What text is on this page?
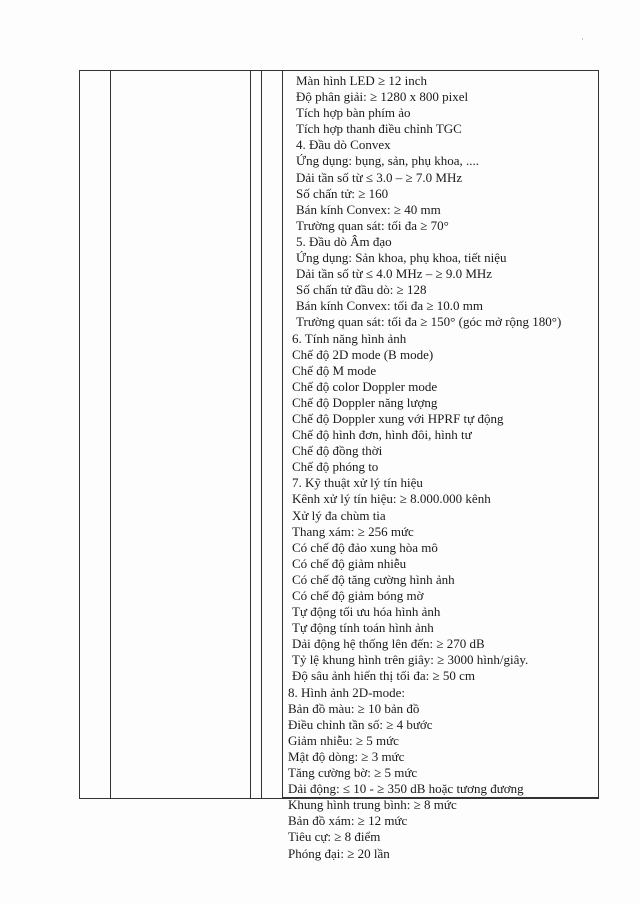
·
Màn hình LED ≥ 12 inch
Độ phân giải: ≥ 1280 x 800 pixel
Tích hợp bàn phím ảo
Tích hợp thanh điều chỉnh TGC
4. Đầu dò Convex
Ứng dụng: bụng, sản, phụ khoa, ....
Dải tần số từ ≤ 3.0 – ≥ 7.0 MHz
Số chấn tử: ≥ 160
Bán kính Convex: ≥ 40 mm
Trường quan sát: tối đa ≥ 70°
5. Đầu dò Âm đạo
Ứng dụng: Sản khoa, phụ khoa, tiết niệu
Dải tần số từ ≤ 4.0 MHz – ≥ 9.0 MHz
Số chấn tử đầu dò: ≥ 128
Bán kính Convex: tối đa ≥ 10.0 mm
Trường quan sát: tối đa ≥ 150° (góc mở rộng 180°)
6. Tính năng hình ảnh
Chế độ 2D mode (B mode)
Chế độ M mode
Chế độ color Doppler mode
Chế độ Doppler năng lượng
Chế độ Doppler xung với HPRF tự động
Chế độ hình đơn, hình đôi, hình tư
Chế độ đồng thời
Chế độ phóng to
7. Kỹ thuật xử lý tín hiệu
Kênh xử lý tín hiệu: ≥ 8.000.000 kênh
Xử lý đa chùm tia
Thang xám: ≥ 256 mức
Có chế độ đảo xung hòa mô
Có chế độ giảm nhiễu
Có chế độ tăng cường hình ảnh
Có chế độ giảm bóng mờ
Tự động tối ưu hóa hình ảnh
Tự động tính toán hình ảnh
Dải động hệ thống lên đến: ≥ 270 dB
Tỷ lệ khung hình trên giây: ≥ 3000 hình/giây.
Độ sâu ảnh hiển thị tối đa: ≥ 50 cm
8. Hình ảnh 2D-mode:
Bản đồ màu: ≥ 10 bản đồ
Điều chỉnh tần số: ≥ 4 bước
Giảm nhiễu: ≥ 5 mức
Mật độ dòng: ≥ 3 mức
Tăng cường bờ: ≥ 5 mức
Dải động: ≤ 10 - ≥ 350 dB hoặc tương đương
Khung hình trung bình: ≥ 8 mức
Bản đồ xám: ≥ 12 mức
Tiêu cự: ≥ 8 điểm
Phóng đại: ≥ 20 lần
